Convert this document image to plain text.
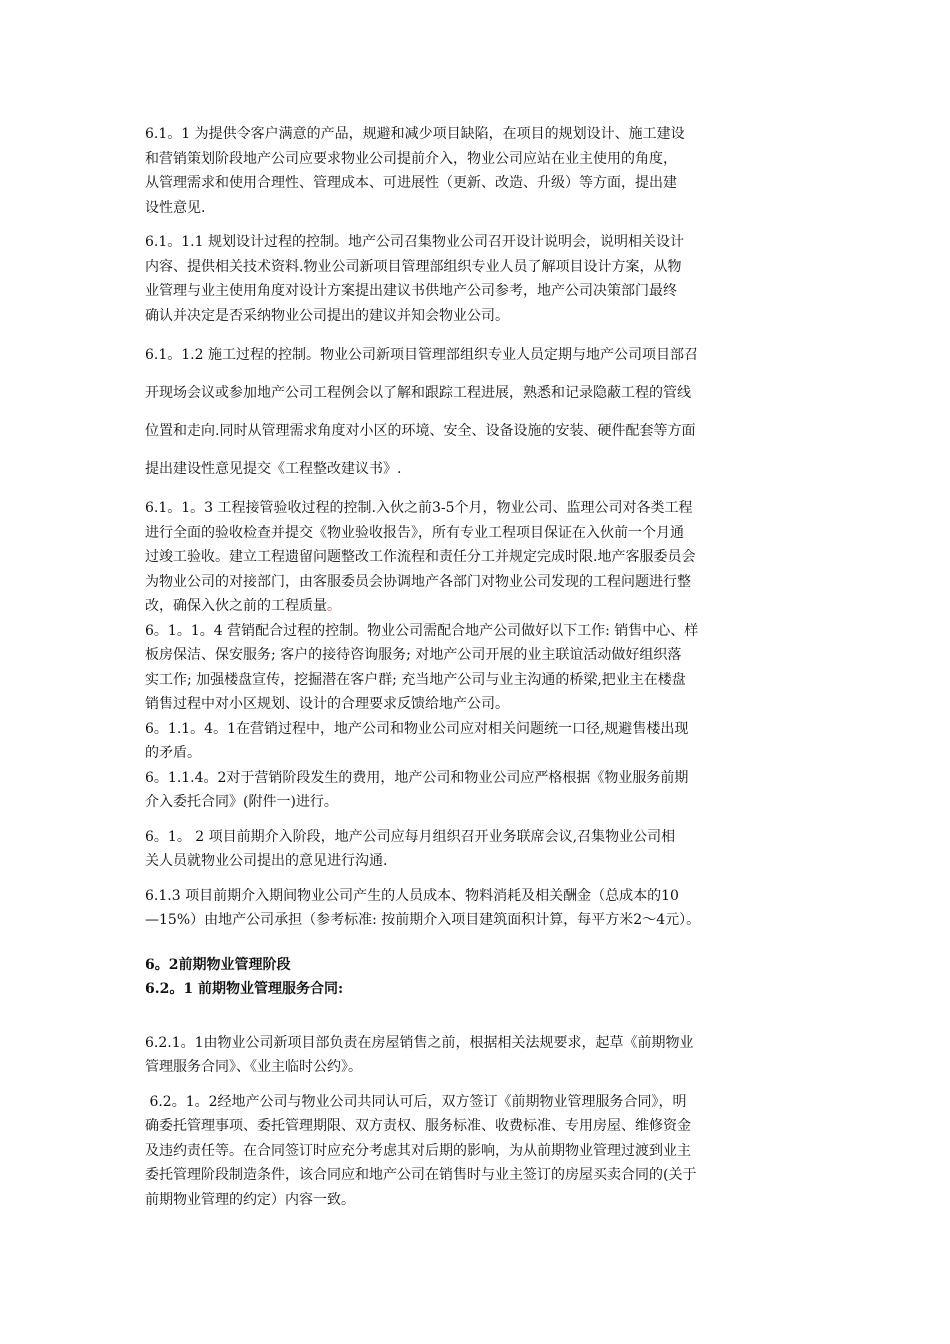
6.1。1 为提供令客户满意的产品，规避和减少项目缺陷，在项目的规划设计、施工建设
和营销策划阶段地产公司应要求物业公司提前介入，物业公司应站在业主使用的角度，
从管理需求和使用合理性、管理成本、可进展性（更新、改造、升级）等方面，提出建
设性意见.

6.1。1.1 规划设计过程的控制。地产公司召集物业公司召开设计说明会，说明相关设计
内容、提供相关技术资料.物业公司新项目管理部组织专业人员了解项目设计方案，从物
业管理与业主使用角度对设计方案提出建议书供地产公司参考，地产公司决策部门最终
确认并决定是否采纳物业公司提出的建议并知会物业公司。

6.1。1.2 施工过程的控制。物业公司新项目管理部组织专业人员定期与地产公司项目部召
开现场会议或参加地产公司工程例会以了解和跟踪工程进展，熟悉和记录隐蔽工程的管线
位置和走向.同时从管理需求角度对小区的环境、安全、设备设施的安装、硬件配套等方面
提出建设性意见提交《工程整改建议书》.

6.1。1。3 工程接管验收过程的控制.入伙之前3-5个月，物业公司、监理公司对各类工程
进行全面的验收检查并提交《物业验收报告》，所有专业工程项目保证在入伙前一个月通
过竣工验收。建立工程遗留问题整改工作流程和责任分工并规定完成时限.地产客服委员会
为物业公司的对接部门，由客服委员会协调地产各部门对物业公司发现的工程问题进行整
改，确保入伙之前的工程质量。

6。1。1。4 营销配合过程的控制。物业公司需配合地产公司做好以下工作: 销售中心、样
板房保洁、保安服务; 客户的接待咨询服务; 对地产公司开展的业主联谊活动做好组织落
实工作; 加强楼盘宣传，挖掘潜在客户群; 充当地产公司与业主沟通的桥梁,把业主在楼盘
销售过程中对小区规划、设计的合理要求反馈给地产公司。

6。1.1。4。1在营销过程中，地产公司和物业公司应对相关问题统一口径,规避售楼出现
的矛盾。

6。1.1.4。2对于营销阶段发生的费用，地产公司和物业公司应严格根据《物业服务前期
介入委托合同》(附件一)进行。

6。1。 2 项目前期介入阶段，地产公司应每月组织召开业务联席会议,召集物业公司相
关人员就物业公司提出的意见进行沟通.

6.1.3 项目前期介入期间物业公司产生的人员成本、物料消耗及相关酬金（总成本的10
—15%）由地产公司承担（参考标准: 按前期介入项目建筑面积计算，每平方米2～4元）。

6。2前期物业管理阶段
6.2。1 前期物业管理服务合同:

6.2.1。1由物业公司新项目部负责在房屋销售之前，根据相关法规要求，起草《前期物业
管理服务合同》、《业主临时公约》。

6.2。1。2经地产公司与物业公司共同认可后，双方签订《前期物业管理服务合同》，明
确委托管理事项、委托管理期限、双方责权、服务标准、收费标准、专用房屋、维修资金
及违约责任等。在合同签订时应充分考虑其对后期的影响，为从前期物业管理过渡到业主
委托管理阶段制造条件，该合同应和地产公司在销售时与业主签订的房屋买卖合同的(关于
前期物业管理的约定）内容一致。
